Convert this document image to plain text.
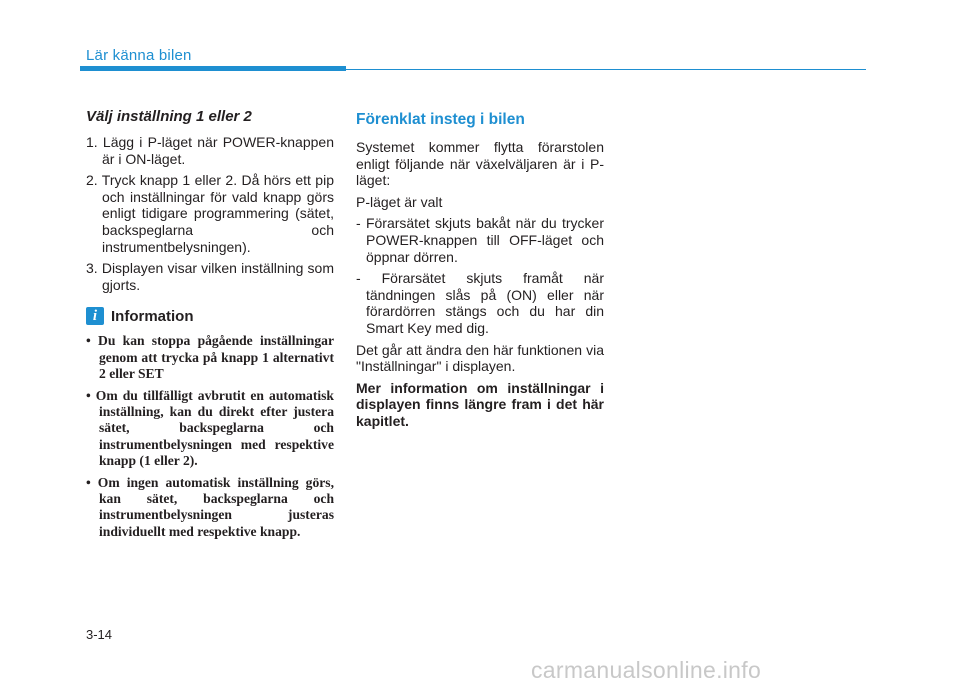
Lär känna bilen
Välj inställning 1 eller 2
1. Lägg i P-läget när POWER-knappen är i ON-läget.
2. Tryck knapp 1 eller 2. Då hörs ett pip och inställningar för vald knapp görs enligt tidigare programmering (sätet, backspeglarna och instrumentbelysningen).
3. Displayen visar vilken inställning som gjorts.
i Information
• Du kan stoppa pågående inställningar genom att trycka på knapp 1 alternativt 2 eller SET
• Om du tillfälligt avbrutit en automatisk inställning, kan du direkt efter justera sätet, backspeglarna och instrumentbelysningen med respektive knapp (1 eller 2).
• Om ingen automatisk inställning görs, kan sätet, backspeglarna och instrumentbelysningen justeras individuellt med respektive knapp.
Förenklat insteg i bilen

Systemet kommer flytta förarstolen enligt följande när växelväljaren är i P-läget:

P-läget är valt

- Förarsätet skjuts bakåt när du trycker POWER-knappen till OFF-läget och öppnar dörren.
- Förarsätet skjuts framåt när tändningen slås på (ON) eller när förardörren stängs och du har din Smart Key med dig.

Det går att ändra den här funktionen via "Inställningar" i displayen.

Mer information om inställningar i displayen finns längre fram i det här kapitlet.

3-14
carmanualsonline.info
